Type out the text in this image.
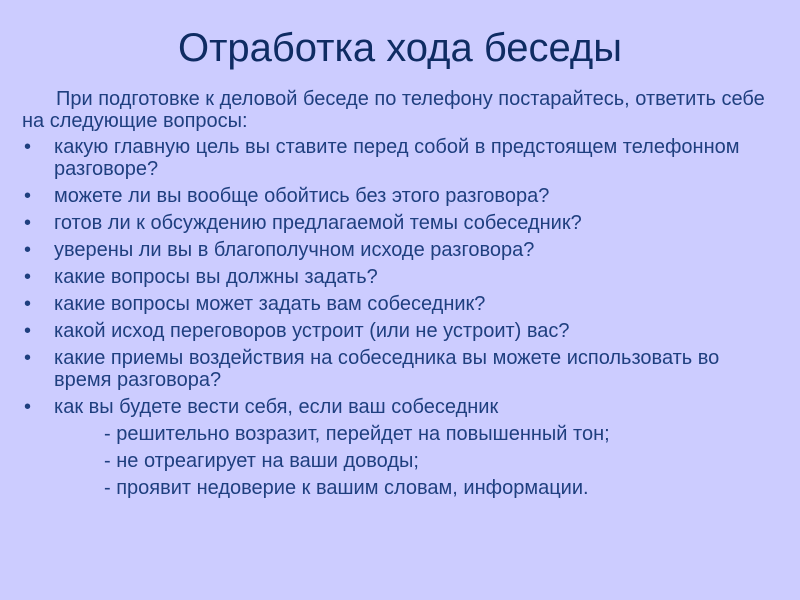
Отработка хода беседы

При подготовке к деловой беседе по телефону постарайтесь, ответить себе на следующие вопросы:

•	какую главную цель вы ставите перед собой в предстоящем телефонном разговоре?
•	можете ли вы вообще обойтись без этого разговора?
•	готов ли к обсуждению предлагаемой темы собеседник?
•	уверены ли вы в благополучном исходе разговора?
•	какие вопросы вы должны задать?
•	какие вопросы может задать вам собеседник?
•	какой исход переговоров устроит (или не устроит) вас?
•	какие приемы воздействия на собеседника вы можете использовать во время разговора?
•	как вы будете вести себя, если ваш собеседник
- решительно возразит, перейдет на повышенный тон;
- не отреагирует на ваши доводы;
- проявит недоверие к вашим словам, информации.
